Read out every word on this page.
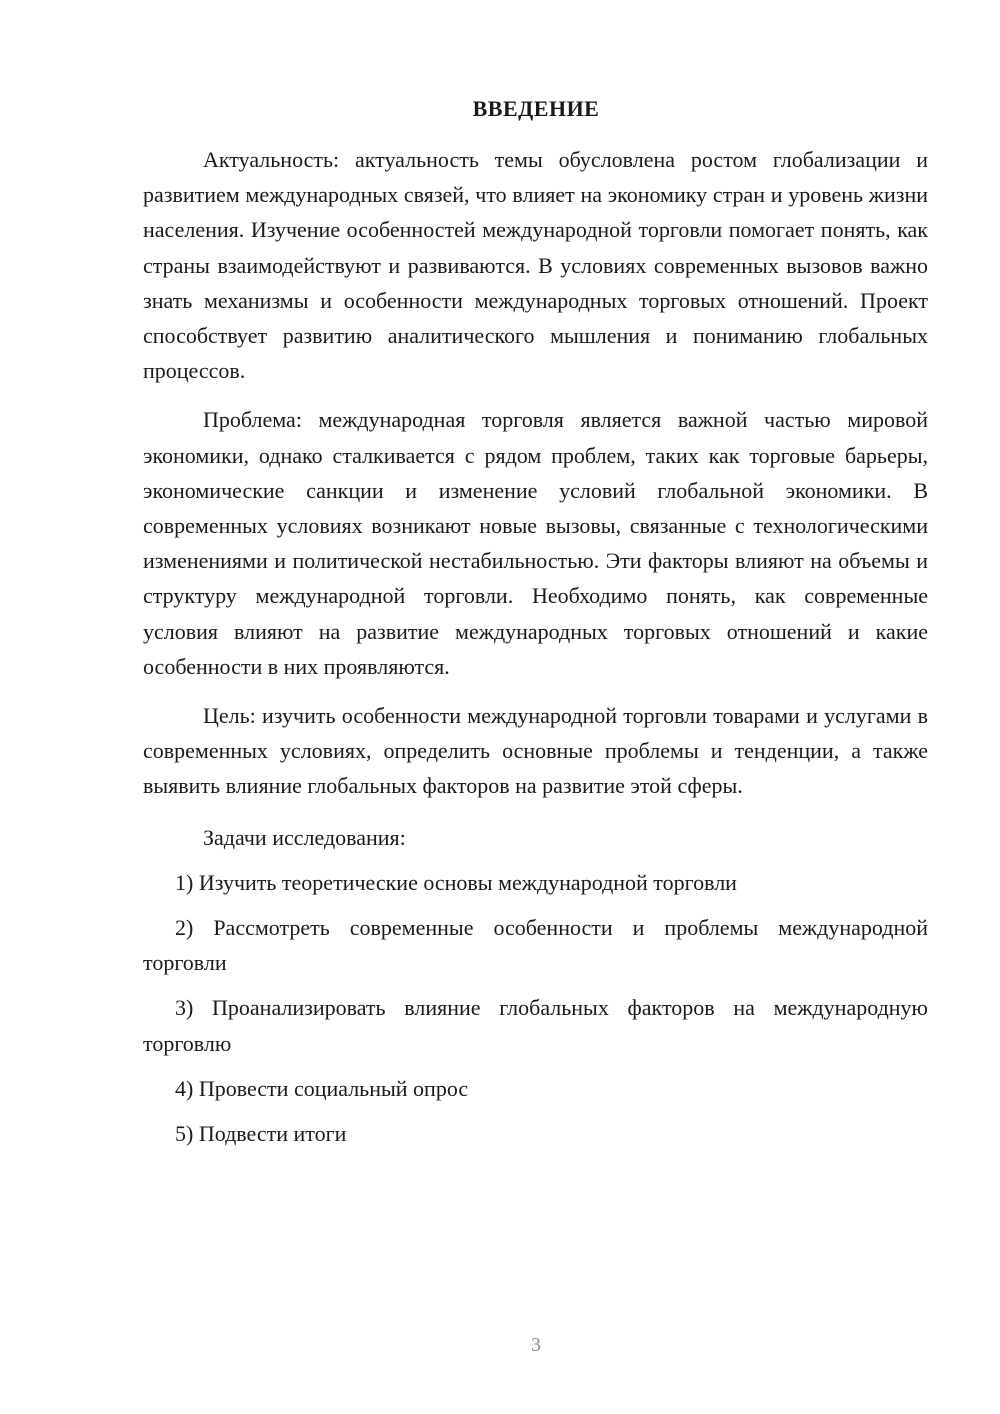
ВВЕДЕНИЕ

Актуальность: актуальность темы обусловлена ростом глобализации и развитием международных связей, что влияет на экономику стран и уровень жизни населения. Изучение особенностей международной торговли помогает понять, как страны взаимодействуют и развиваются. В условиях современных вызовов важно знать механизмы и особенности международных торговых отношений. Проект способствует развитию аналитического мышления и пониманию глобальных процессов.

Проблема: международная торговля является важной частью мировой экономики, однако сталкивается с рядом проблем, таких как торговые барьеры, экономические санкции и изменение условий глобальной экономики. В современных условиях возникают новые вызовы, связанные с технологическими изменениями и политической нестабильностью. Эти факторы влияют на объемы и структуру международной торговли. Необходимо понять, как современные условия влияют на развитие международных торговых отношений и какие особенности в них проявляются.

Цель: изучить особенности международной торговли товарами и услугами в современных условиях, определить основные проблемы и тенденции, а также выявить влияние глобальных факторов на развитие этой сферы.

Задачи исследования:

1) Изучить теоретические основы международной торговли

2) Рассмотреть современные особенности и проблемы международной торговли

3) Проанализировать влияние глобальных факторов на международную торговлю

4) Провести социальный опрос

5) Подвести итоги

3
